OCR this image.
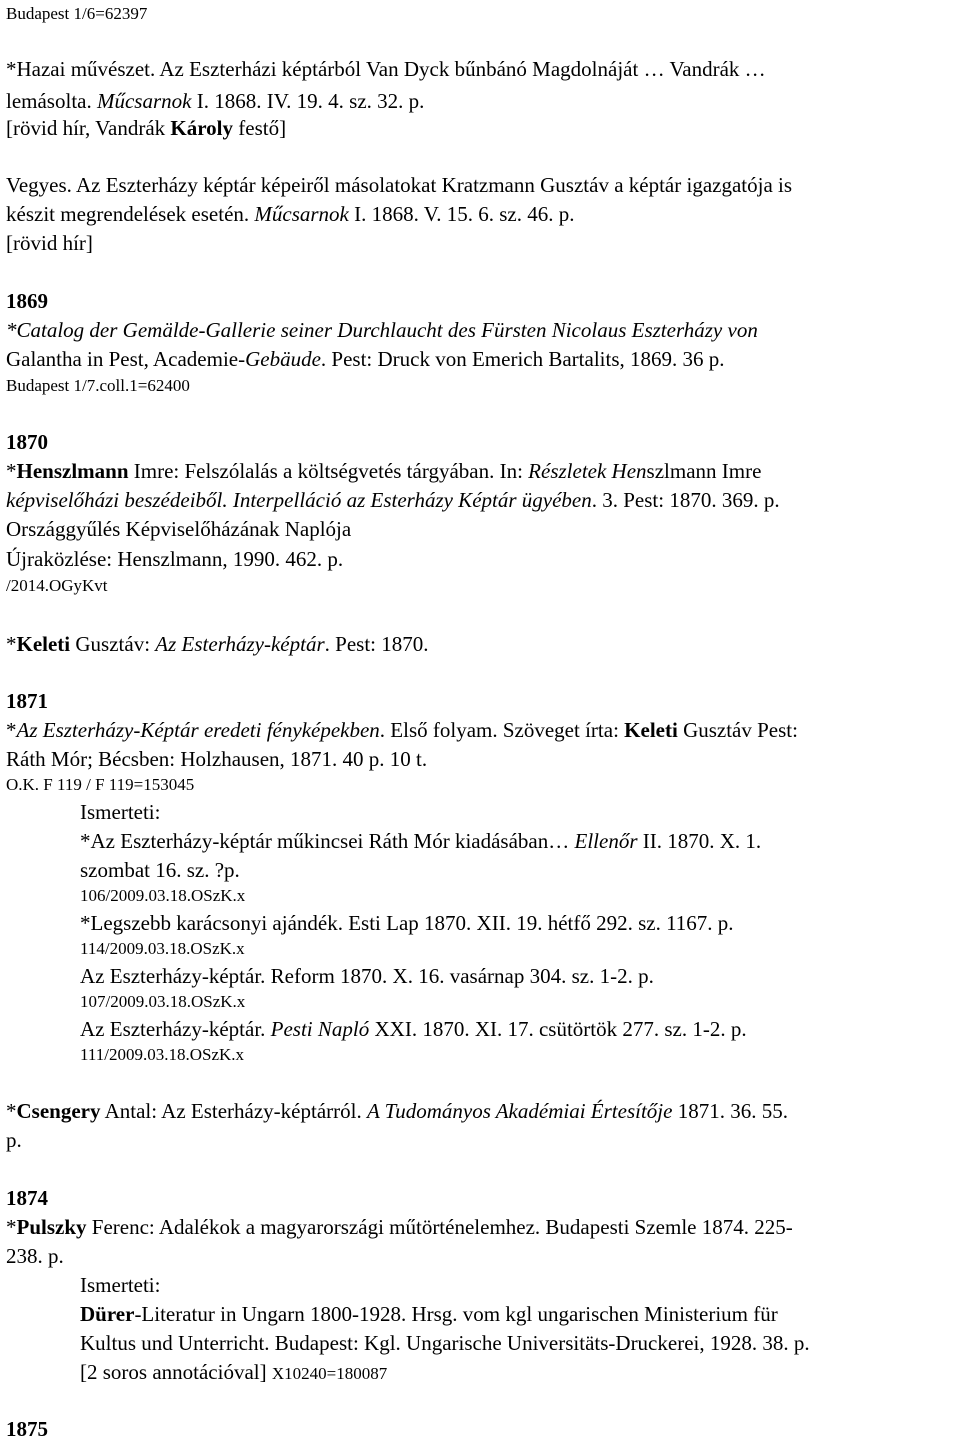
Budapest 1/6=62397
*Hazai művészet. Az Eszterházi képtárból Van Dyck bűnbánó Magdolnáját … Vandrák …
lemásolta. Műcsarnok I. 1868. IV. 19. 4. sz. 32. p.
[rövid hír, Vandrák Károly festő]
Vegyes. Az Eszterházy képtár képeiről másolatokat Kratzmann Gusztáv a képtár igazgatója is
készit megrendelések esetén. Műcsarnok I. 1868. V. 15. 6. sz. 46. p.
[rövid hír]
1869
*Catalog der Gemälde-Gallerie seiner Durchlaucht des Fürsten Nicolaus Eszterházy von
Galantha in Pest, Academie-Gebäude. Pest: Druck von Emerich Bartalits, 1869. 36 p.
Budapest 1/7.coll.1=62400
1870
*Henszlmann Imre: Felszólalás a költségvetés tárgyában. In: Részletek Henszlmann Imre
képviselőházi beszédeiből. Interpelláció az Esterházy Képtár ügyében. 3. Pest: 1870. 369. p.
Országgyűlés Képviselőházának Naplója
Újraközlése: Henszlmann, 1990. 462. p.
/2014.OGyKvt
*Keleti Gusztáv: Az Esterházy-képtár. Pest: 1870.
1871
*Az Eszterházy-Képtár eredeti fényképekben. Első folyam. Szöveget írta: Keleti Gusztáv Pest:
Ráth Mór; Bécsben: Holzhausen, 1871. 40 p. 10 t.
O.K. F 119 / F 119=153045
Ismerteti:
*Az Eszterházy-képtár műkincsei Ráth Mór kiadásában… Ellenőr II. 1870. X. 1.
szombat 16. sz. ?p.
106/2009.03.18.OSzK.x
*Legszebb karácsonyi ajándék. Esti Lap 1870. XII. 19. hétfő 292. sz. 1167. p.
114/2009.03.18.OSzK.x
Az Eszterházy-képtár. Reform 1870. X. 16. vasárnap 304. sz. 1-2. p.
107/2009.03.18.OSzK.x
Az Eszterházy-képtár. Pesti Napló XXI. 1870. XI. 17. csütörtök 277. sz. 1-2. p.
111/2009.03.18.OSzK.x
*Csengery Antal: Az Esterházy-képtárról. A Tudományos Akadémiai Értesítője 1871. 36. 55.
p.
1874
*Pulszky Ferenc: Adalékok a magyarországi műtörténelemhez. Budapesti Szemle 1874. 225-
238. p.
Ismerteti:
Dürer-Literatur in Ungarn 1800-1928. Hrsg. vom kgl ungarischen Ministerium für
Kultus und Unterricht. Budapest: Kgl. Ungarische Universitäts-Druckerei, 1928. 38. p.
[2 soros annotációval] X10240=180087
1875
